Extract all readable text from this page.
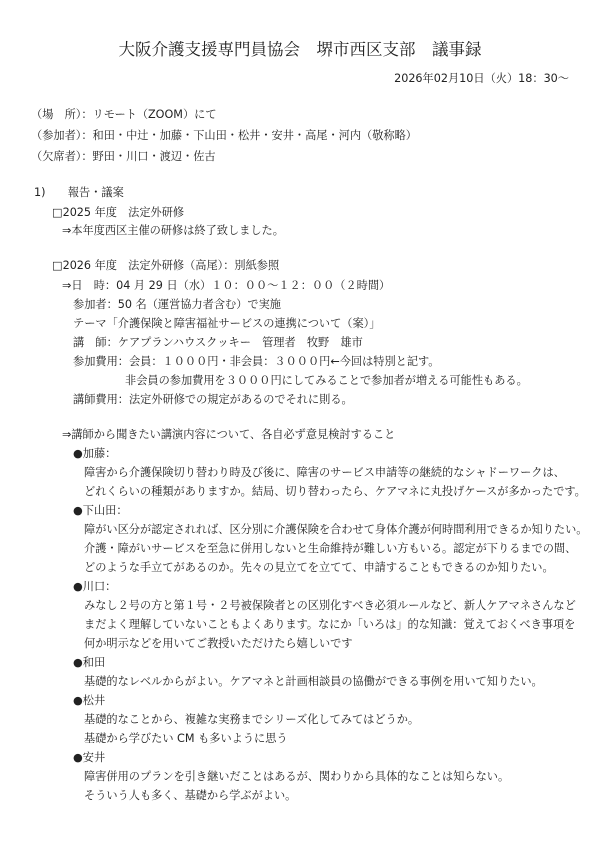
大阪介護支援専門員協会　堺市西区支部　議事録
2026年02月10日（火）18：30～
（場　所）：リモート（ZOOM）にて
（参加者）：和田・中辻・加藤・下山田・松井・安井・高尾・河内（敬称略）
（欠席者）：野田・川口・渡辺・佐古
1)　　報告・議案
□2025 年度　法定外研修
⇒本年度西区主催の研修は終了致しました。
□2026 年度　法定外研修（高尾）：別紙参照
⇒日　時：04 月 29 日（水）１０：００～１２：００（２時間）
参加者：50 名（運営協力者含む）で実施
テーマ「介護保険と障害福祉サービスの連携について（案）」
講　師：ケアプランハウスクッキー　管理者　牧野　雄市
参加費用：会員：１０００円・非会員：３０００円←今回は特別と記す。
非会員の参加費用を３０００円にしてみることで参加者が増える可能性もある。
講師費用：法定外研修での規定があるのでそれに則る。
⇒講師から聞きたい講演内容について、各自必ず意見検討すること
●加藤：
障害から介護保険切り替わり時及び後に、障害のサービス申請等の継続的なシャドーワークは、
どれくらいの種類がありますか。結局、切り替わったら、ケアマネに丸投げケースが多かったです。
●下山田：
障がい区分が認定されれば、区分別に介護保険を合わせて身体介護が何時間利用できるか知りたい。
介護・障がいサービスを至急に併用しないと生命維持が難しい方もいる。認定が下りるまでの間、
どのような手立てがあるのか。先々の見立てを立てて、申請することもできるのか知りたい。
●川口：
みなし２号の方と第１号・２号被保険者との区別化すべき必須ルールなど、新人ケアマネさんなど
まだよく理解していないこともよくあります。なにか「いろは」的な知識：覚えておくべき事項を
何か明示などを用いてご教授いただけたら嬉しいです
●和田
基礎的なレベルからがよい。ケアマネと計画相談員の協働ができる事例を用いて知りたい。
●松井
基礎的なことから、複雑な実務までシリーズ化してみてはどうか。
基礎から学びたい CM も多いように思う
●安井
障害併用のプランを引き継いだことはあるが、関わりから具体的なことは知らない。
そういう人も多く、基礎から学ぶがよい。
